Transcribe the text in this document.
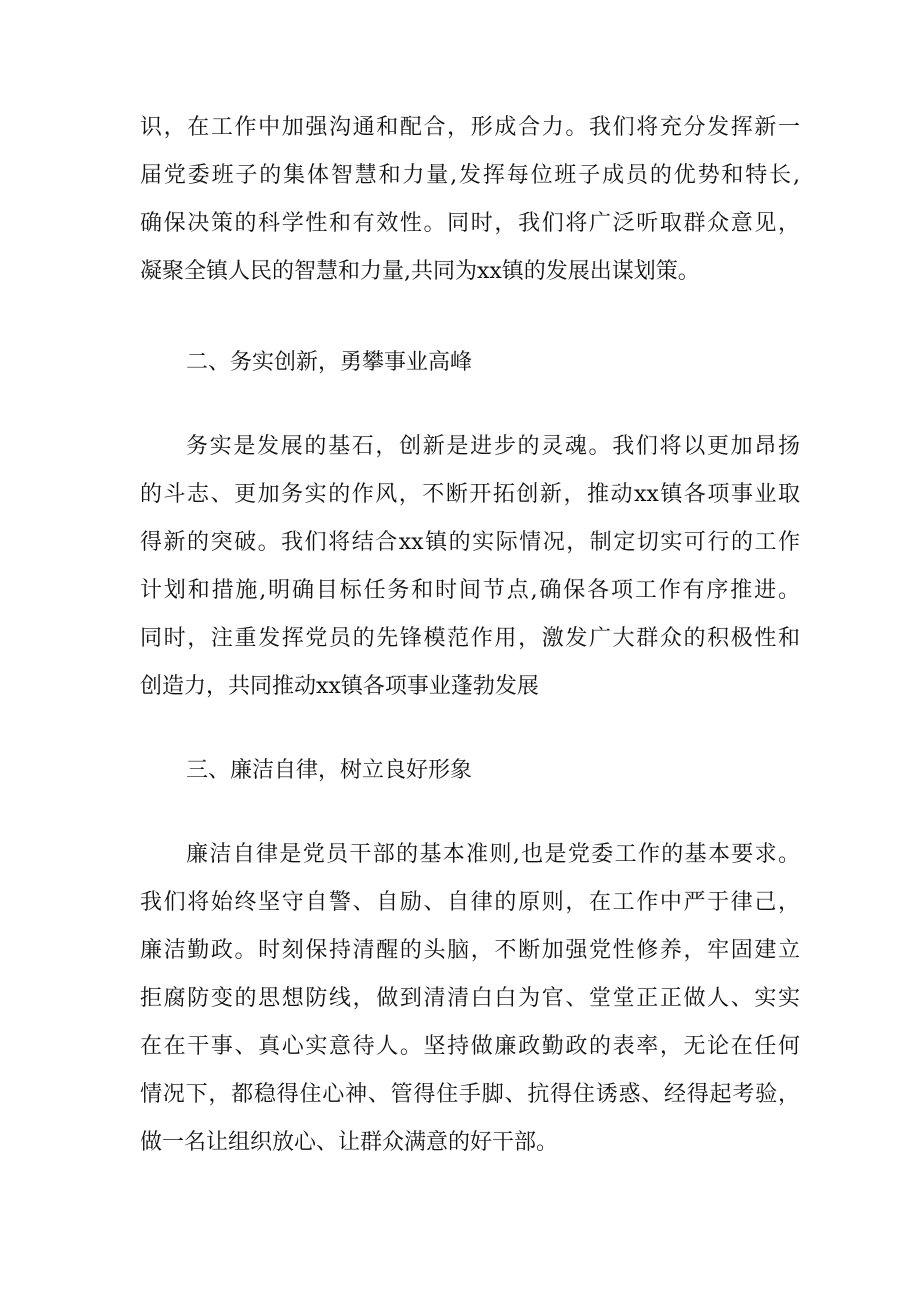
识，在工作中加强沟通和配合，形成合力。我们将充分发挥新一
届党委班子的集体智慧和力量,发挥每位班子成员的优势和特长,
确保决策的科学性和有效性。同时，我们将广泛听取群众意见，
凝聚全镇人民的智慧和力量,共同为xx镇的发展出谋划策。
二、务实创新，勇攀事业高峰
务实是发展的基石，创新是进步的灵魂。我们将以更加昂扬
的斗志、更加务实的作风，不断开拓创新，推动xx镇各项事业取
得新的突破。我们将结合xx镇的实际情况，制定切实可行的工作
计划和措施,明确目标任务和时间节点,确保各项工作有序推进。
同时，注重发挥党员的先锋模范作用，激发广大群众的积极性和
创造力，共同推动xx镇各项事业蓬勃发展
三、廉洁自律，树立良好形象
廉洁自律是党员干部的基本准则,也是党委工作的基本要求。
我们将始终坚守自警、自励、自律的原则，在工作中严于律己，
廉洁勤政。时刻保持清醒的头脑，不断加强党性修养，牢固建立
拒腐防变的思想防线，做到清清白白为官、堂堂正正做人、实实
在在干事、真心实意待人。坚持做廉政勤政的表率，无论在任何
情况下，都稳得住心神、管得住手脚、抗得住诱惑、经得起考验，
做一名让组织放心、让群众满意的好干部。
